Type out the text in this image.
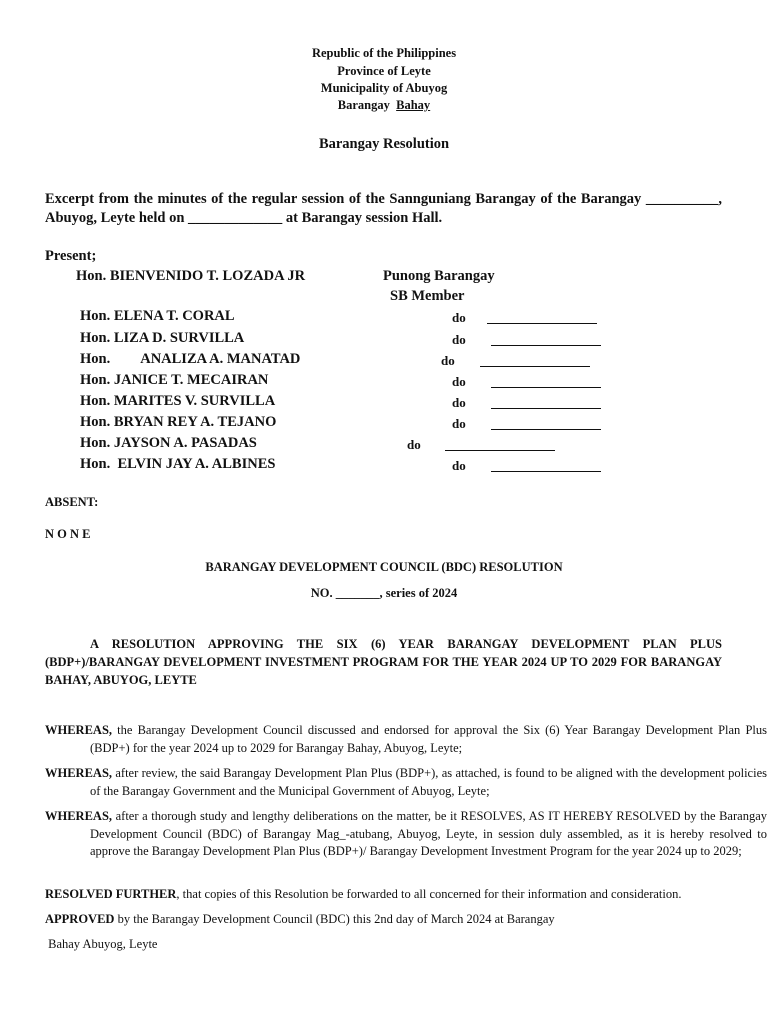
Republic of the Philippines
Province of Leyte
Municipality of Abuyog
Barangay Bahay
Barangay Resolution
Excerpt from the minutes of the regular session of the Sannguniang Barangay of the Barangay __________,
Abuyog, Leyte held on _____________ at Barangay session Hall.
Present;
Hon. BIENVENIDO T. LOZADA JR	Punong Barangay
SB Member
Hon. ELENA T. CORAL	do
Hon. LIZA D. SURVILLA	do
Hon. ANALIZA A. MANATAD	do
Hon. JANICE T. MECAIRAN	do
Hon. MARITES V. SURVILLA	do
Hon. BRYAN REY A. TEJANO	do
Hon. JAYSON A. PASADAS	do
Hon.  ELVIN JAY A. ALBINES	do
ABSENT:
N O N E
BARANGAY DEVELOPMENT COUNCIL (BDC) RESOLUTION
NO. _______, series of 2024
A RESOLUTION APPROVING THE SIX (6) YEAR BARANGAY DEVELOPMENT PLAN PLUS (BDP+)/BARANGAY DEVELOPMENT INVESTMENT PROGRAM FOR THE YEAR 2024 UP TO 2029 FOR BARANGAY BAHAY, ABUYOG, LEYTE
WHEREAS, the Barangay Development Council discussed and endorsed for approval the Six (6) Year Barangay Development Plan Plus (BDP+) for the year 2024 up to 2029 for Barangay Bahay, Abuyog, Leyte;
WHEREAS, after review, the said Barangay Development Plan Plus (BDP+), as attached, is found to be aligned with the development policies of the Barangay Government and the Municipal Government of Abuyog, Leyte;
WHEREAS, after a thorough study and lengthy deliberations on the matter, be it RESOLVES, AS IT HEREBY RESOLVED by the Barangay Development Council (BDC) of Barangay Mag_-atubang, Abuyog, Leyte, in session duly assembled, as it is hereby resolved to approve the Barangay Development Plan Plus (BDP+)/ Barangay Development Investment Program for the year 2024 up to 2029;
RESOLVED FURTHER, that copies of this Resolution be forwarded to all concerned for their information and consideration.
APPROVED by the Barangay Development Council (BDC) this 2nd day of March 2024 at Barangay
Bahay Abuyog, Leyte
